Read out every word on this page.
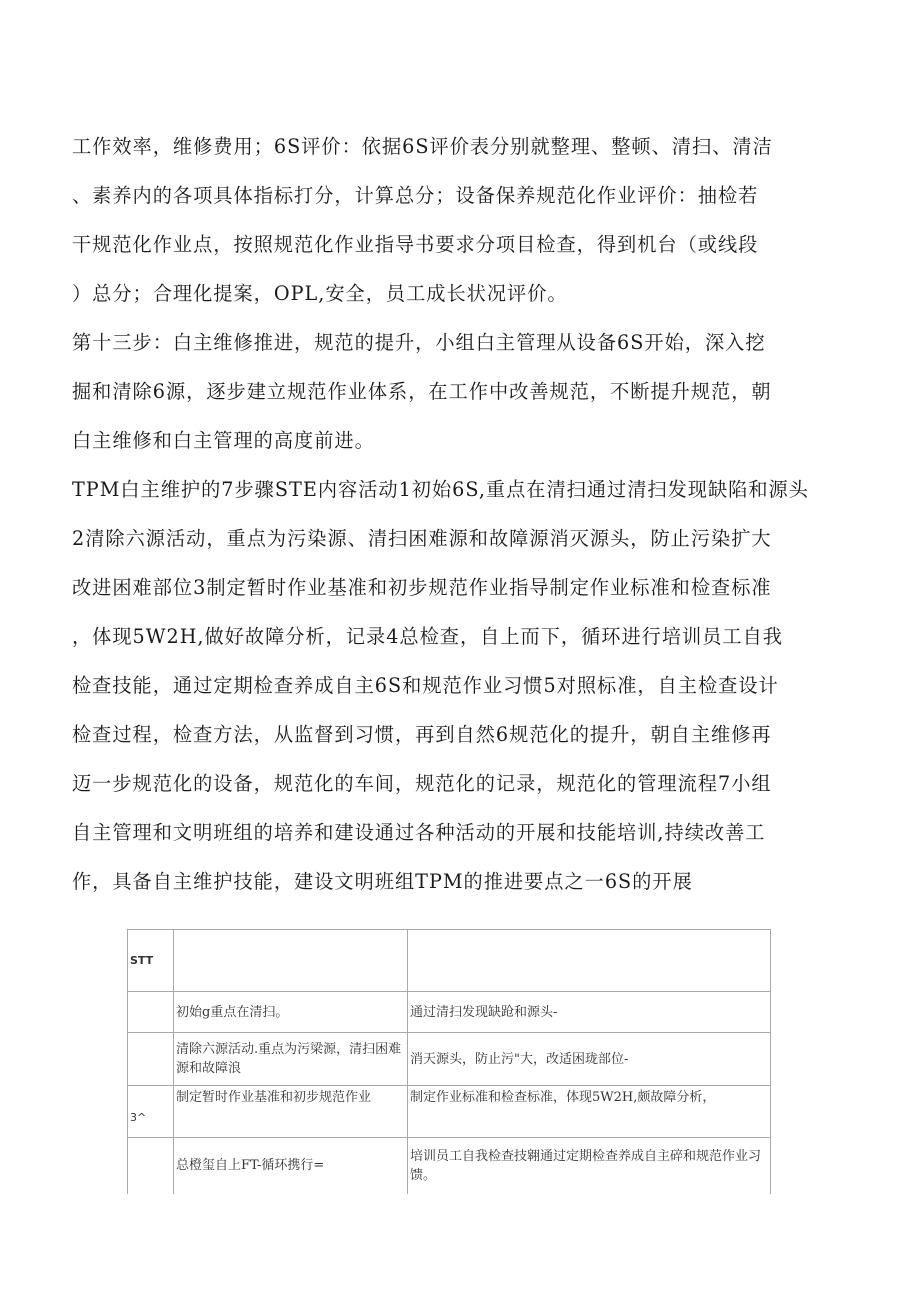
工作效率，维修费用；6S评价：依据6S评价表分别就整理、整顿、清扫、清洁

、素养内的各项具体指标打分，计算总分；设备保养规范化作业评价：抽检若

干规范化作业点，按照规范化作业指导书要求分项目检查，得到机台（或线段

）总分；合理化提案，OPL,安全，员工成长状况评价。

第十三步：白主维修推进，规范的提升，小组白主管理从设备6S开始，深入挖

掘和清除6源，逐步建立规范作业体系，在工作中改善规范，不断提升规范，朝

白主维修和白主管理的高度前进。

TPM白主维护的7步骤STE内容活动1初始6S,重点在清扫通过清扫发现缺陷和源头

2清除六源活动，重点为污染源、清扫困难源和故障源消灭源头，防止污染扩大

改进困难部位3制定暂时作业基准和初步规范作业指导制定作业标准和检查标准

，体现5W2H,做好故障分析，记录4总检查，自上而下，循环进行培训员工自我

检查技能，通过定期检查养成自主6S和规范作业习惯5对照标准，自主检查设计

检查过程，检查方法，从监督到习惯，再到自然6规范化的提升，朝自主维修再

迈一步规范化的设备，规范化的车间，规范化的记录，规范化的管理流程7小组

自主管理和文明班组的培养和建设通过各种活动的开展和技能培训,持续改善工

作，具备自主维护技能，建设文明班组TPM的推进要点之一6S的开展

STT		
	初始g重点在清扫。	通过清扫发现缺跄和源头-
	清除六源活动.重点为污梁源，清扫困难源和故障浪	消天源头，防止污"大，改适困珑部位-
3^	制定暂时作业基准和初步规范作业	制定作业标准和检查标准，体现5W2H,颇故障分析，
	总橙玺自上FT-循环携行=	培训员工自我检查技翱通过定期检查养成自主碎和规范作业习馈。
